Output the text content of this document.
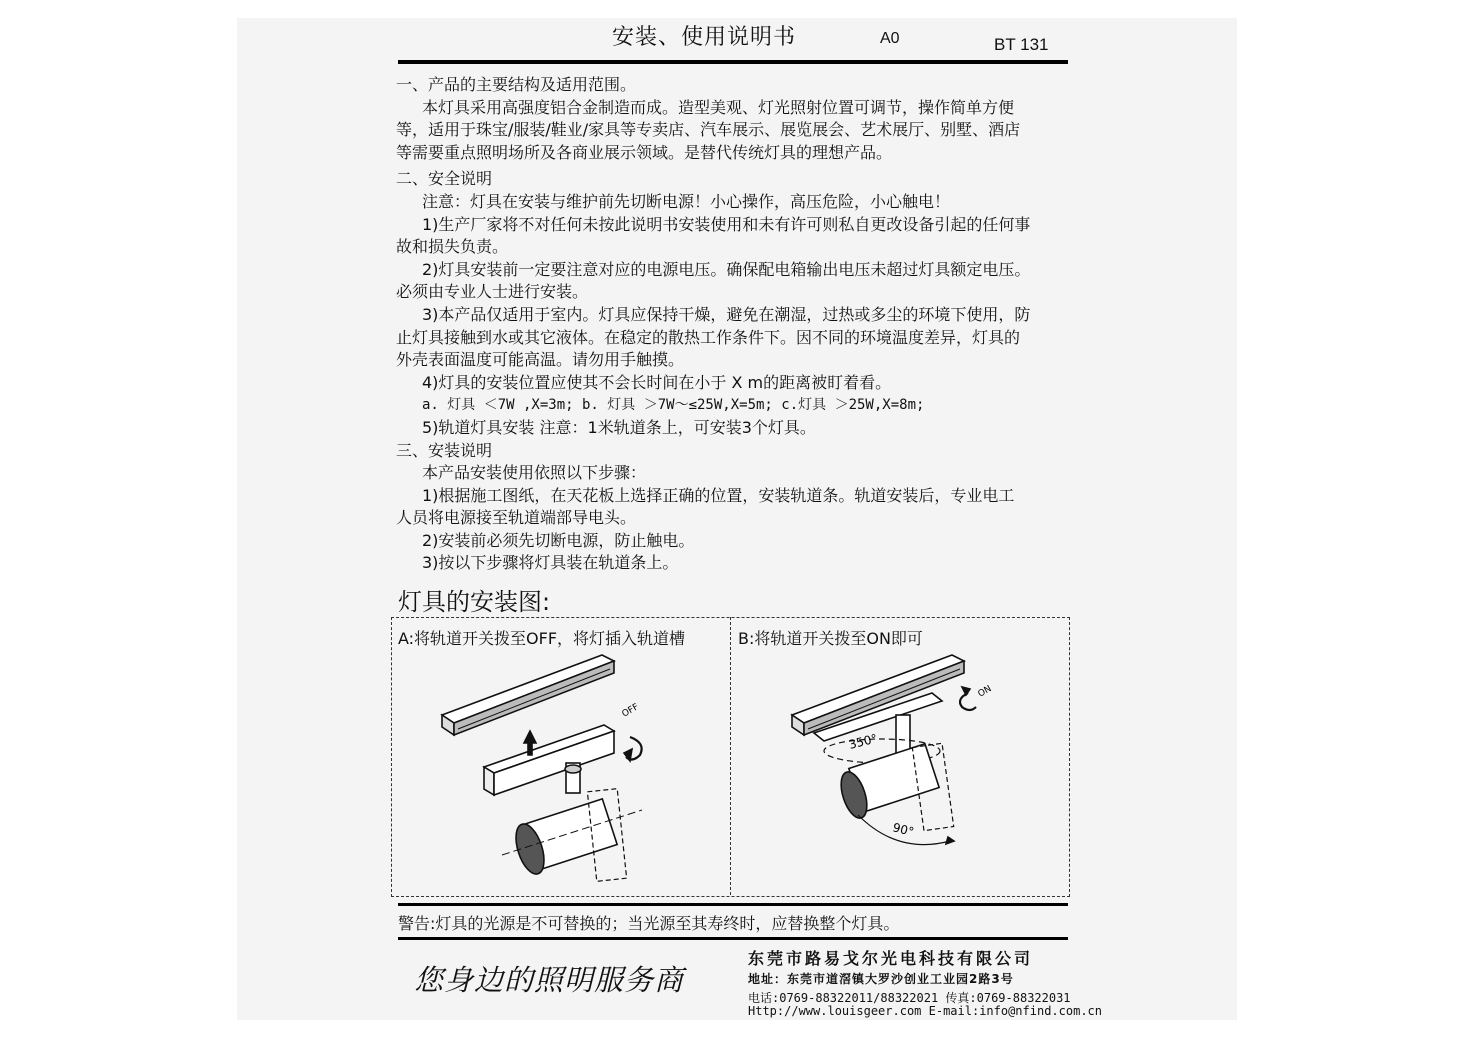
安装、使用说明书	A0	BT 131

一、产品的主要结构及适用范围。

本灯具采用高强度铝合金制造而成。造型美观、灯光照射位置可调节，操作简单方便

等，适用于珠宝/服装/鞋业/家具等专卖店、汽车展示、展览展会、艺术展厅、别墅、酒店

等需要重点照明场所及各商业展示领域。是替代传统灯具的理想产品。

二、安全说明

注意：灯具在安装与维护前先切断电源！小心操作，高压危险，小心触电！

1)生产厂家将不对任何未按此说明书安装使用和未有许可则私自更改设备引起的任何事

故和损失负责。

2)灯具安装前一定要注意对应的电源电压。确保配电箱输出电压未超过灯具额定电压。

必须由专业人士进行安装。

3)本产品仅适用于室内。灯具应保持干燥，避免在潮湿，过热或多尘的环境下使用，防

止灯具接触到水或其它液体。在稳定的散热工作条件下。因不同的环境温度差异，灯具的

外壳表面温度可能高温。请勿用手触摸。

4)灯具的安装位置应使其不会长时间在小于 X m的距离被盯着看。

a. 灯具 ＜7W ,X=3m; b. 灯具 ＞7W～≤25W,X=5m; c.灯具 ＞25W,X=8m;

5)轨道灯具安装 注意：1米轨道条上，可安装3个灯具。

三、安装说明

本产品安装使用依照以下步骤：

1)根据施工图纸，在天花板上选择正确的位置，安装轨道条。轨道安装后，专业电工

人员将电源接至轨道端部导电头。

2)安装前必须先切断电源，防止触电。

3)按以下步骤将灯具装在轨道条上。

灯具的安装图:
A:将轨道开关拨至OFF，将灯插入轨道槽	B:将轨道开关拨至ON即可
OFF
ON
350°
90°
警告:灯具的光源是不可替换的；当光源至其寿终时，应替换整个灯具。
您身边的照明服务商
东莞市路易戈尔光电科技有限公司
地址：东莞市道滘镇大罗沙创业工业园2路3号
电话:0769-88322011/88322021 传真:0769-88322031
Http://www.louisgeer.com E-mail:info@nfind.com.cn
